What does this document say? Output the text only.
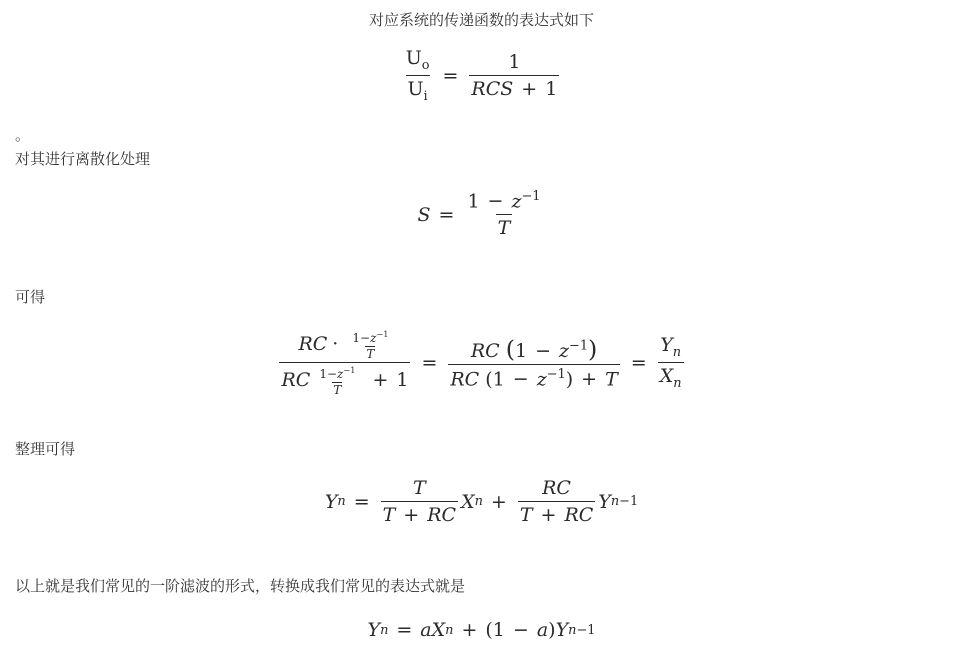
对应系统的传递函数的表达式如下

$\frac{U_o}{U_i} = \frac{1}{\text{RCS + 1}}$

。

对其进行离散化处理

$S = \frac{1 - z^{-1}}{T}$

可得

$\frac{RC \cdot \frac{1-z^{-1}}{T}}{RC \frac{1-z^{-1}}{T} + 1} = \frac{RC (1 - z^{-1})}{RC (1 - z^{-1}) + T} = \frac{Y_n}{X_n}$

整理可得

Y $n = \frac{T}{T + RC}$ X $n + \frac{RC}{T + RC}$ Y n−1

以上就是我们常见的一阶滤波的形式，转换成我们常见的表达式就是

Y n = aX n + (1 − a ) Y n−1
